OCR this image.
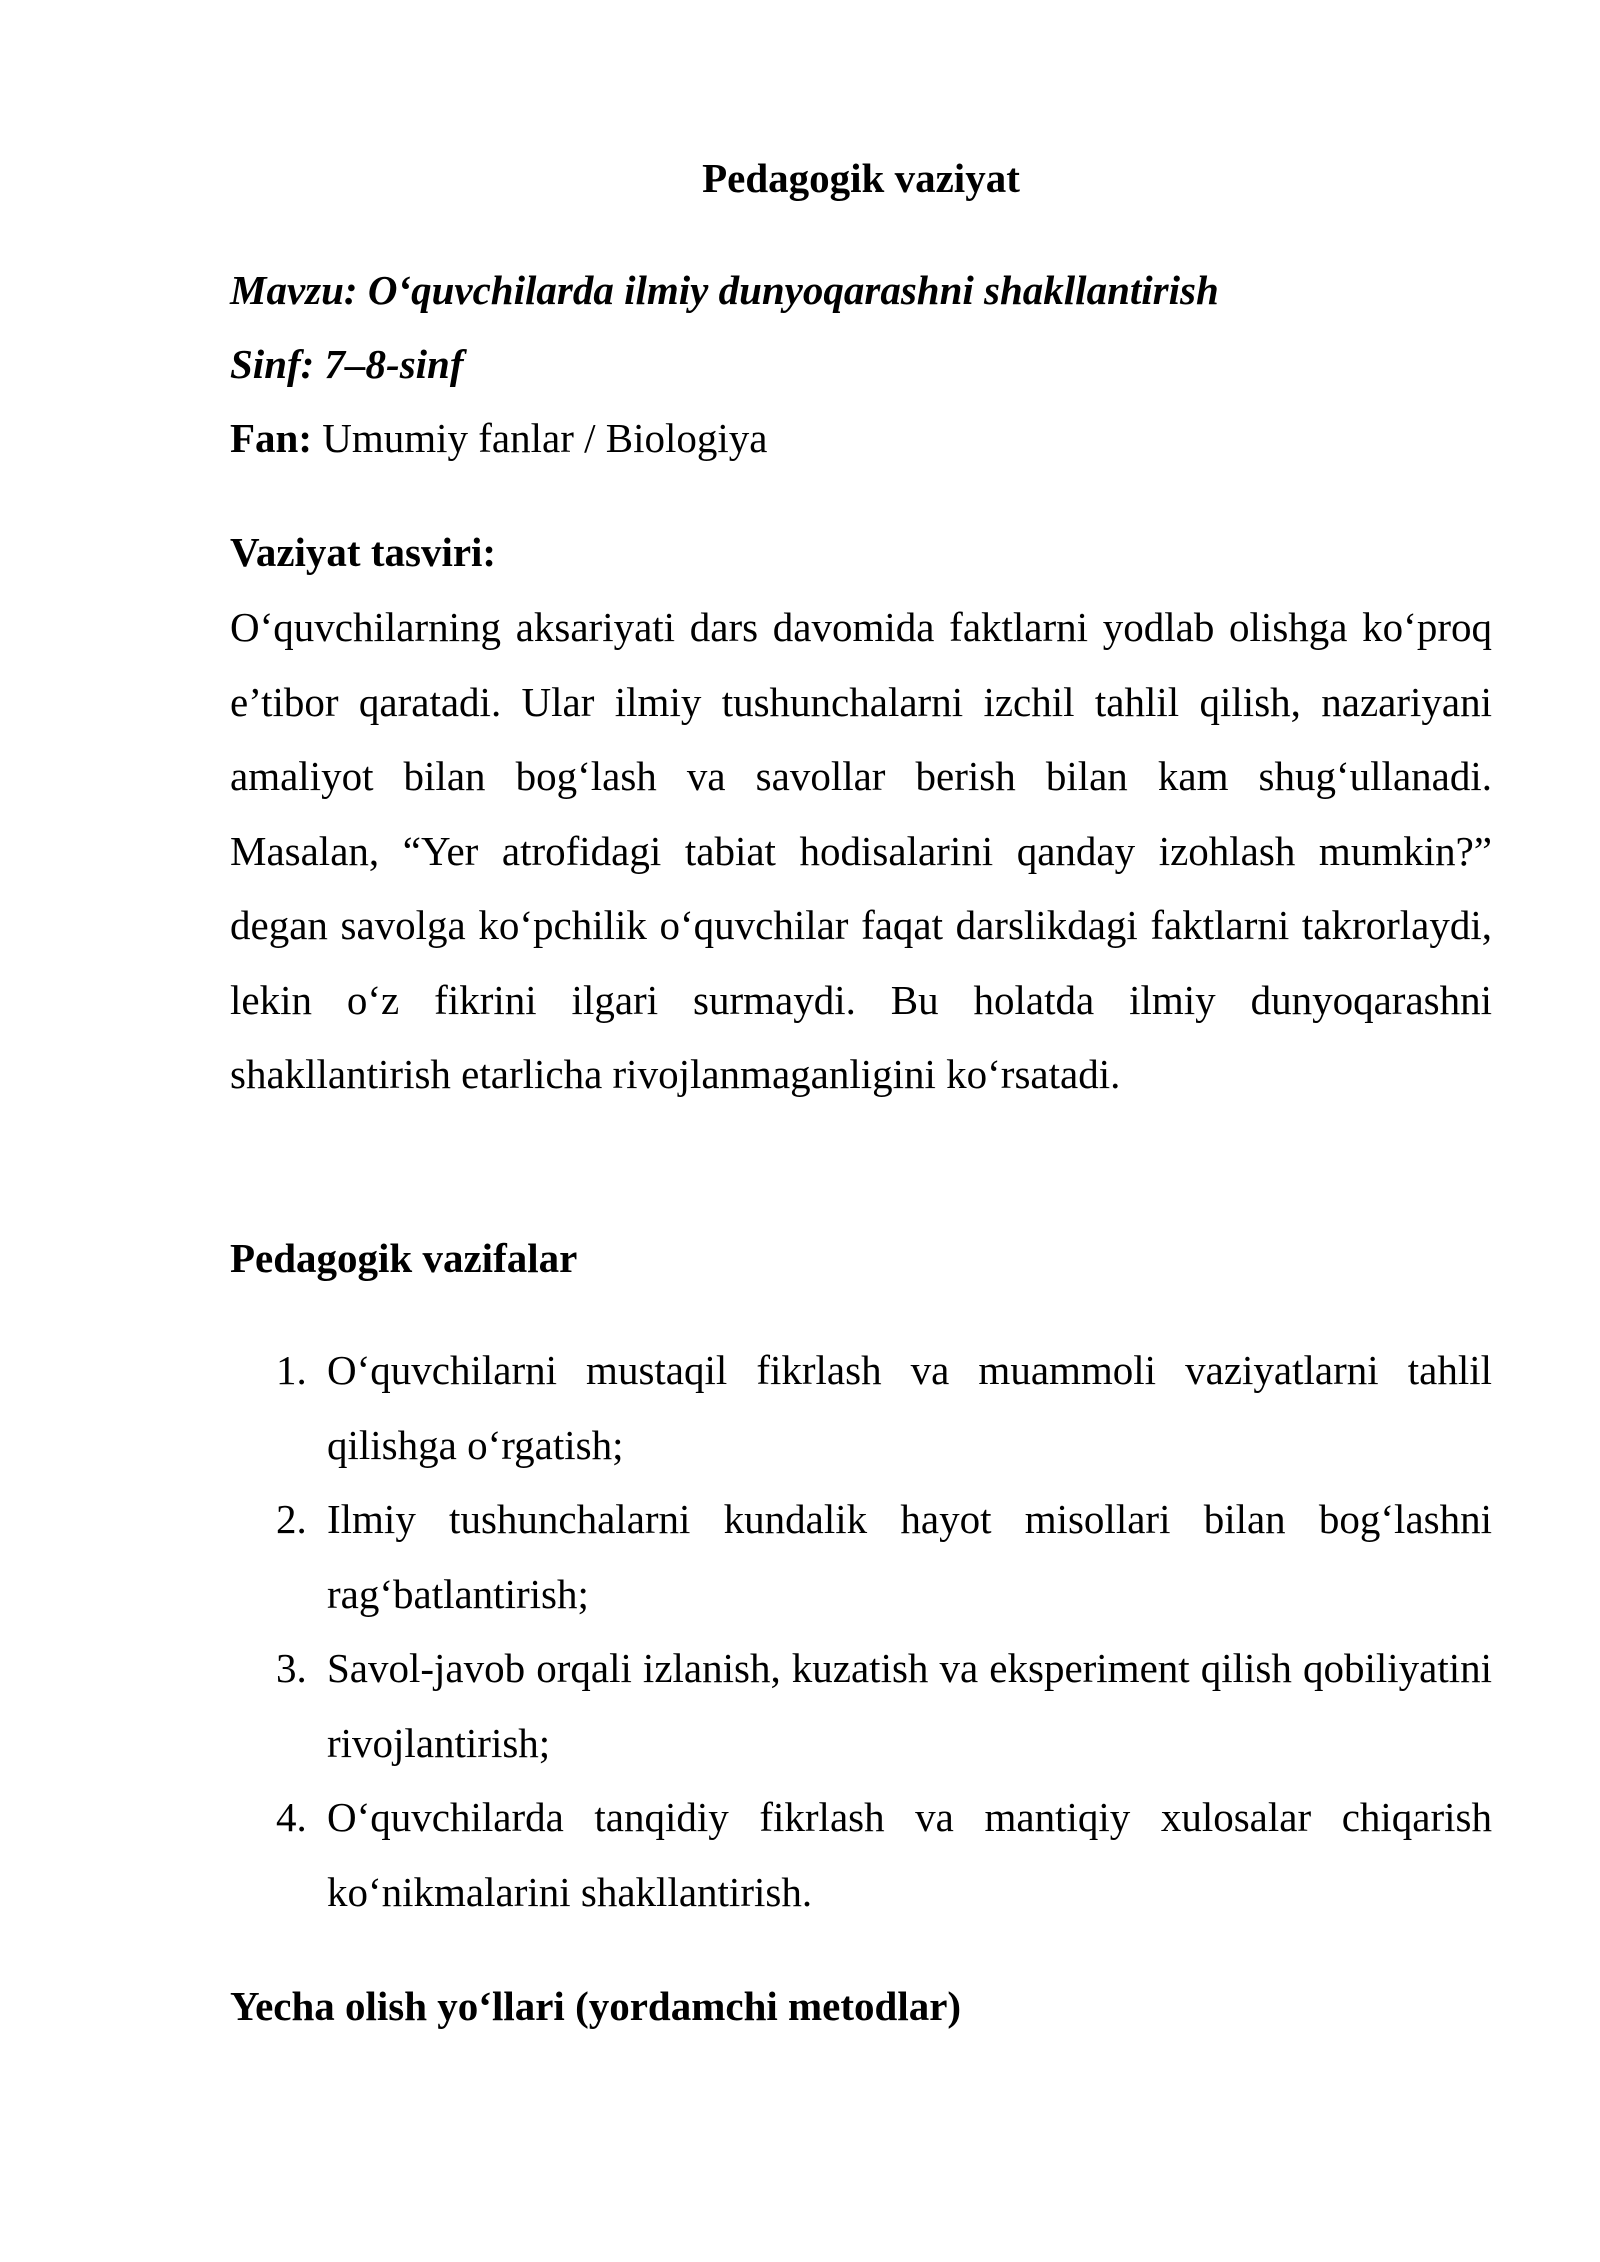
Pedagogik vaziyat
Mavzu: O‘quvchilarda ilmiy dunyoqarashni shakllantirish
Sinf: 7–8-sinf
Fan: Umumiy fanlar / Biologiya
Vaziyat tasviri:
O‘quvchilarning aksariyati dars davomida faktlarni yodlab olishga ko‘proq e’tibor qaratadi. Ular ilmiy tushunchalarni izchil tahlil qilish, nazariyani amaliyot bilan bog‘lash va savollar berish bilan kam shug‘ullanadi. Masalan, “Yer atrofidagi tabiat hodisalarini qanday izohlash mumkin?” degan savolga ko‘pchilik o‘quvchilar faqat darslikdagi faktlarni takrorlaydi, lekin o‘z fikrini ilgari surmaydi. Bu holatda ilmiy dunyoqarashni shakllantirish etarlicha rivojlanmaganligini ko‘rsatadi.
Pedagogik vazifalar
1. O‘quvchilarni mustaqil fikrlash va muammoli vaziyatlarni tahlil qilishga o‘rgatish;
2. Ilmiy tushunchalarni kundalik hayot misollari bilan bog‘lashni rag‘batlantirish;
3. Savol-javob orqali izlanish, kuzatish va eksperiment qilish qobiliyatini rivojlantirish;
4. O‘quvchilarda tanqidiy fikrlash va mantiqiy xulosalar chiqarish ko‘nikmalarini shakllantirish.
Yecha olish yo‘llari (yordamchi metodlar)
